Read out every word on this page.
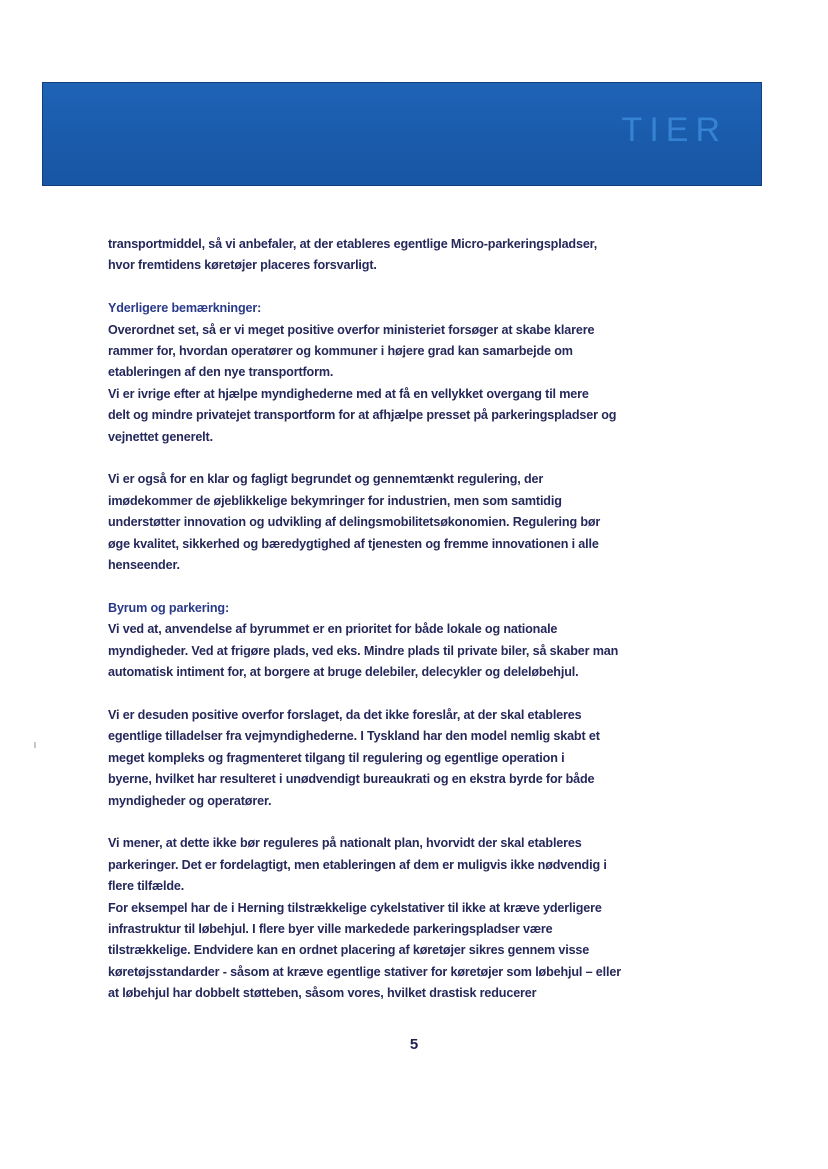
TIER

transportmiddel, så vi anbefaler, at der etableres egentlige Micro-parkeringspladser,
hvor fremtidens køretøjer placeres forsvarligt.

Yderligere bemærkninger:
Overordnet set, så er vi meget positive overfor ministeriet forsøger at skabe klarere
rammer for, hvordan operatører og kommuner i højere grad kan samarbejde om
etableringen af den nye transportform.
Vi er ivrige efter at hjælpe myndighederne med at få en vellykket overgang til mere
delt og mindre privatejet transportform for at afhjælpe presset på parkeringspladser og
vejnettet generelt.

Vi er også for en klar og fagligt begrundet og gennemtænkt regulering, der
imødekommer de øjeblikkelige bekymringer for industrien, men som samtidig
understøtter innovation og udvikling af delingsmobilitetsøkonomien. Regulering bør
øge kvalitet, sikkerhed og bæredygtighed af tjenesten og fremme innovationen i alle
henseender.

Byrum og parkering:
Vi ved at, anvendelse af byrummet er en prioritet for både lokale og nationale
myndigheder. Ved at frigøre plads, ved eks. Mindre plads til private biler, så skaber man
automatisk intiment for, at borgere at bruge delebiler, delecykler og deleløbehjul.

Vi er desuden positive overfor forslaget, da det ikke foreslår, at der skal etableres
egentlige tilladelser fra vejmyndighederne. I Tyskland har den model nemlig skabt et
meget kompleks og fragmenteret tilgang til regulering og egentlige operation i
byerne, hvilket har resulteret i unødvendigt bureaukrati og en ekstra byrde for både
myndigheder og operatører.

Vi mener, at dette ikke bør reguleres på nationalt plan, hvorvidt der skal etableres
parkeringer. Det er fordelagtigt, men etableringen af dem er muligvis ikke nødvendig i
flere tilfælde.
For eksempel har de i Herning tilstrækkelige cykelstativer til ikke at kræve yderligere
infrastruktur til løbehjul. I flere byer ville markedede parkeringspladser være
tilstrækkelige. Endvidere kan en ordnet placering af køretøjer sikres gennem visse
køretøjsstandarder - såsom at kræve egentlige stativer for køretøjer som løbehjul – eller
at løbehjul har dobbelt støtteben, såsom vores, hvilket drastisk reducerer

5
